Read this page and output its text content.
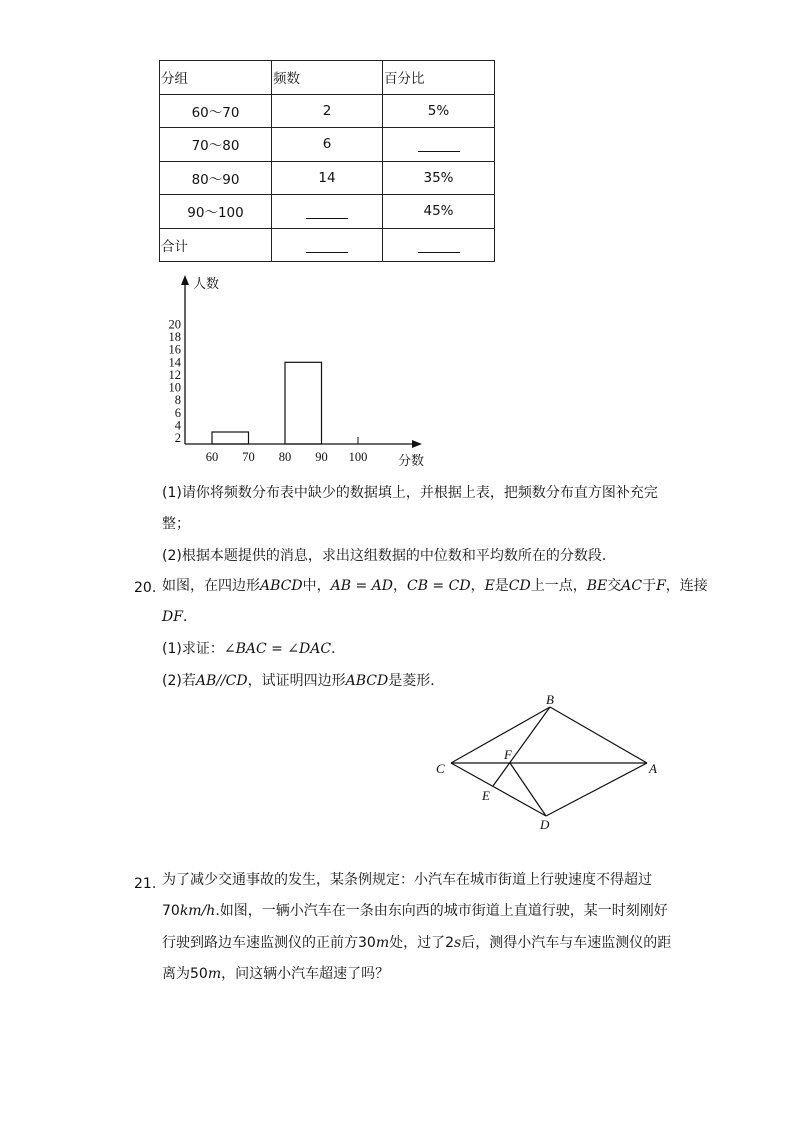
分组	频数	百分比
60～70	2	5%
70～80	6	
80～90	14	35%
90～100		45%
合计		
2
4
6
8
10
12
14
16
18
20
60 70 80 90 100
人数
分数
(1)请你将频数分布表中缺少的数据填上，并根据上表，把频数分布直方图补充完
整；
(2)根据本题提供的消息，求出这组数据的中位数和平均数所在的分数段．
20. 如图，在四边形ABCD中，AB = AD，CB = CD，E是CD上一点，BE交AC于F，连接
DF．
(1)求证：∠BAC = ∠DAC．
(2)若AB//CD，试证明四边形ABCD是菱形．
B
C	A
F
E
D
21. 为了减少交通事故的发生，某条例规定：小汽车在城市街道上行驶速度不得超过
70km/h.如图，一辆小汽车在一条由东向西的城市街道上直道行驶，某一时刻刚好
行驶到路边车速监测仪的正前方30m处，过了2s后，测得小汽车与车速监测仪的距
离为50m，问这辆小汽车超速了吗？
